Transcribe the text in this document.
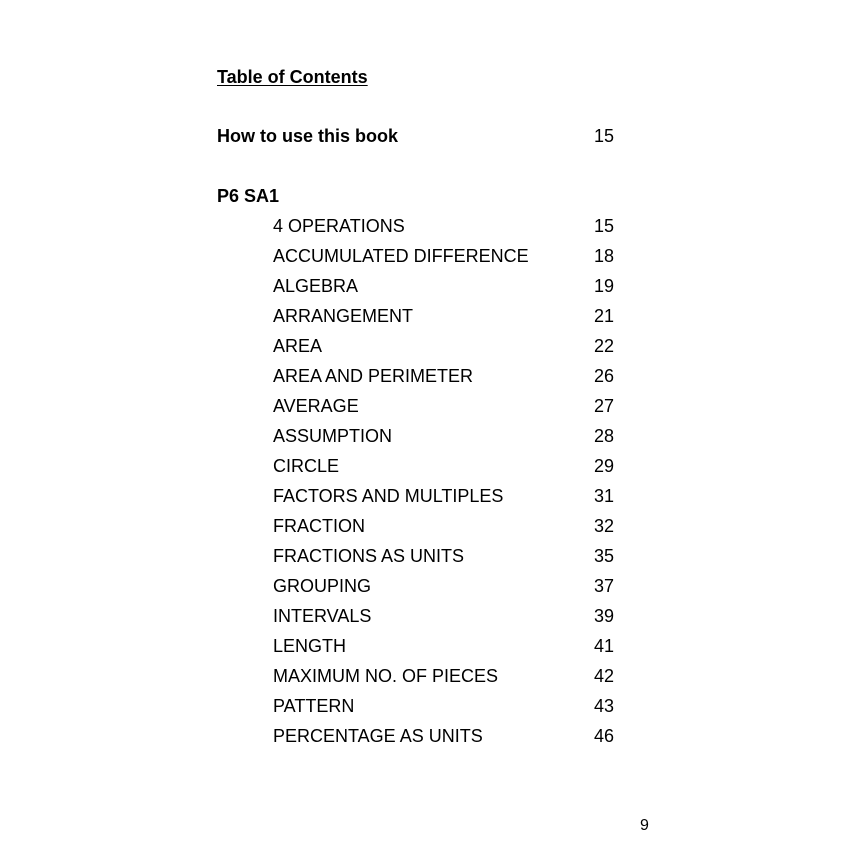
Table of Contents
How to use this book	15
P6 SA1
4 OPERATIONS	15
ACCUMULATED DIFFERENCE	18
ALGEBRA	19
ARRANGEMENT	21
AREA	22
AREA AND PERIMETER	26
AVERAGE	27
ASSUMPTION	28
CIRCLE	29
FACTORS AND MULTIPLES	31
FRACTION	32
FRACTIONS AS UNITS	35
GROUPING	37
INTERVALS	39
LENGTH	41
MAXIMUM NO. OF PIECES	42
PATTERN	43
PERCENTAGE AS UNITS	46
9
